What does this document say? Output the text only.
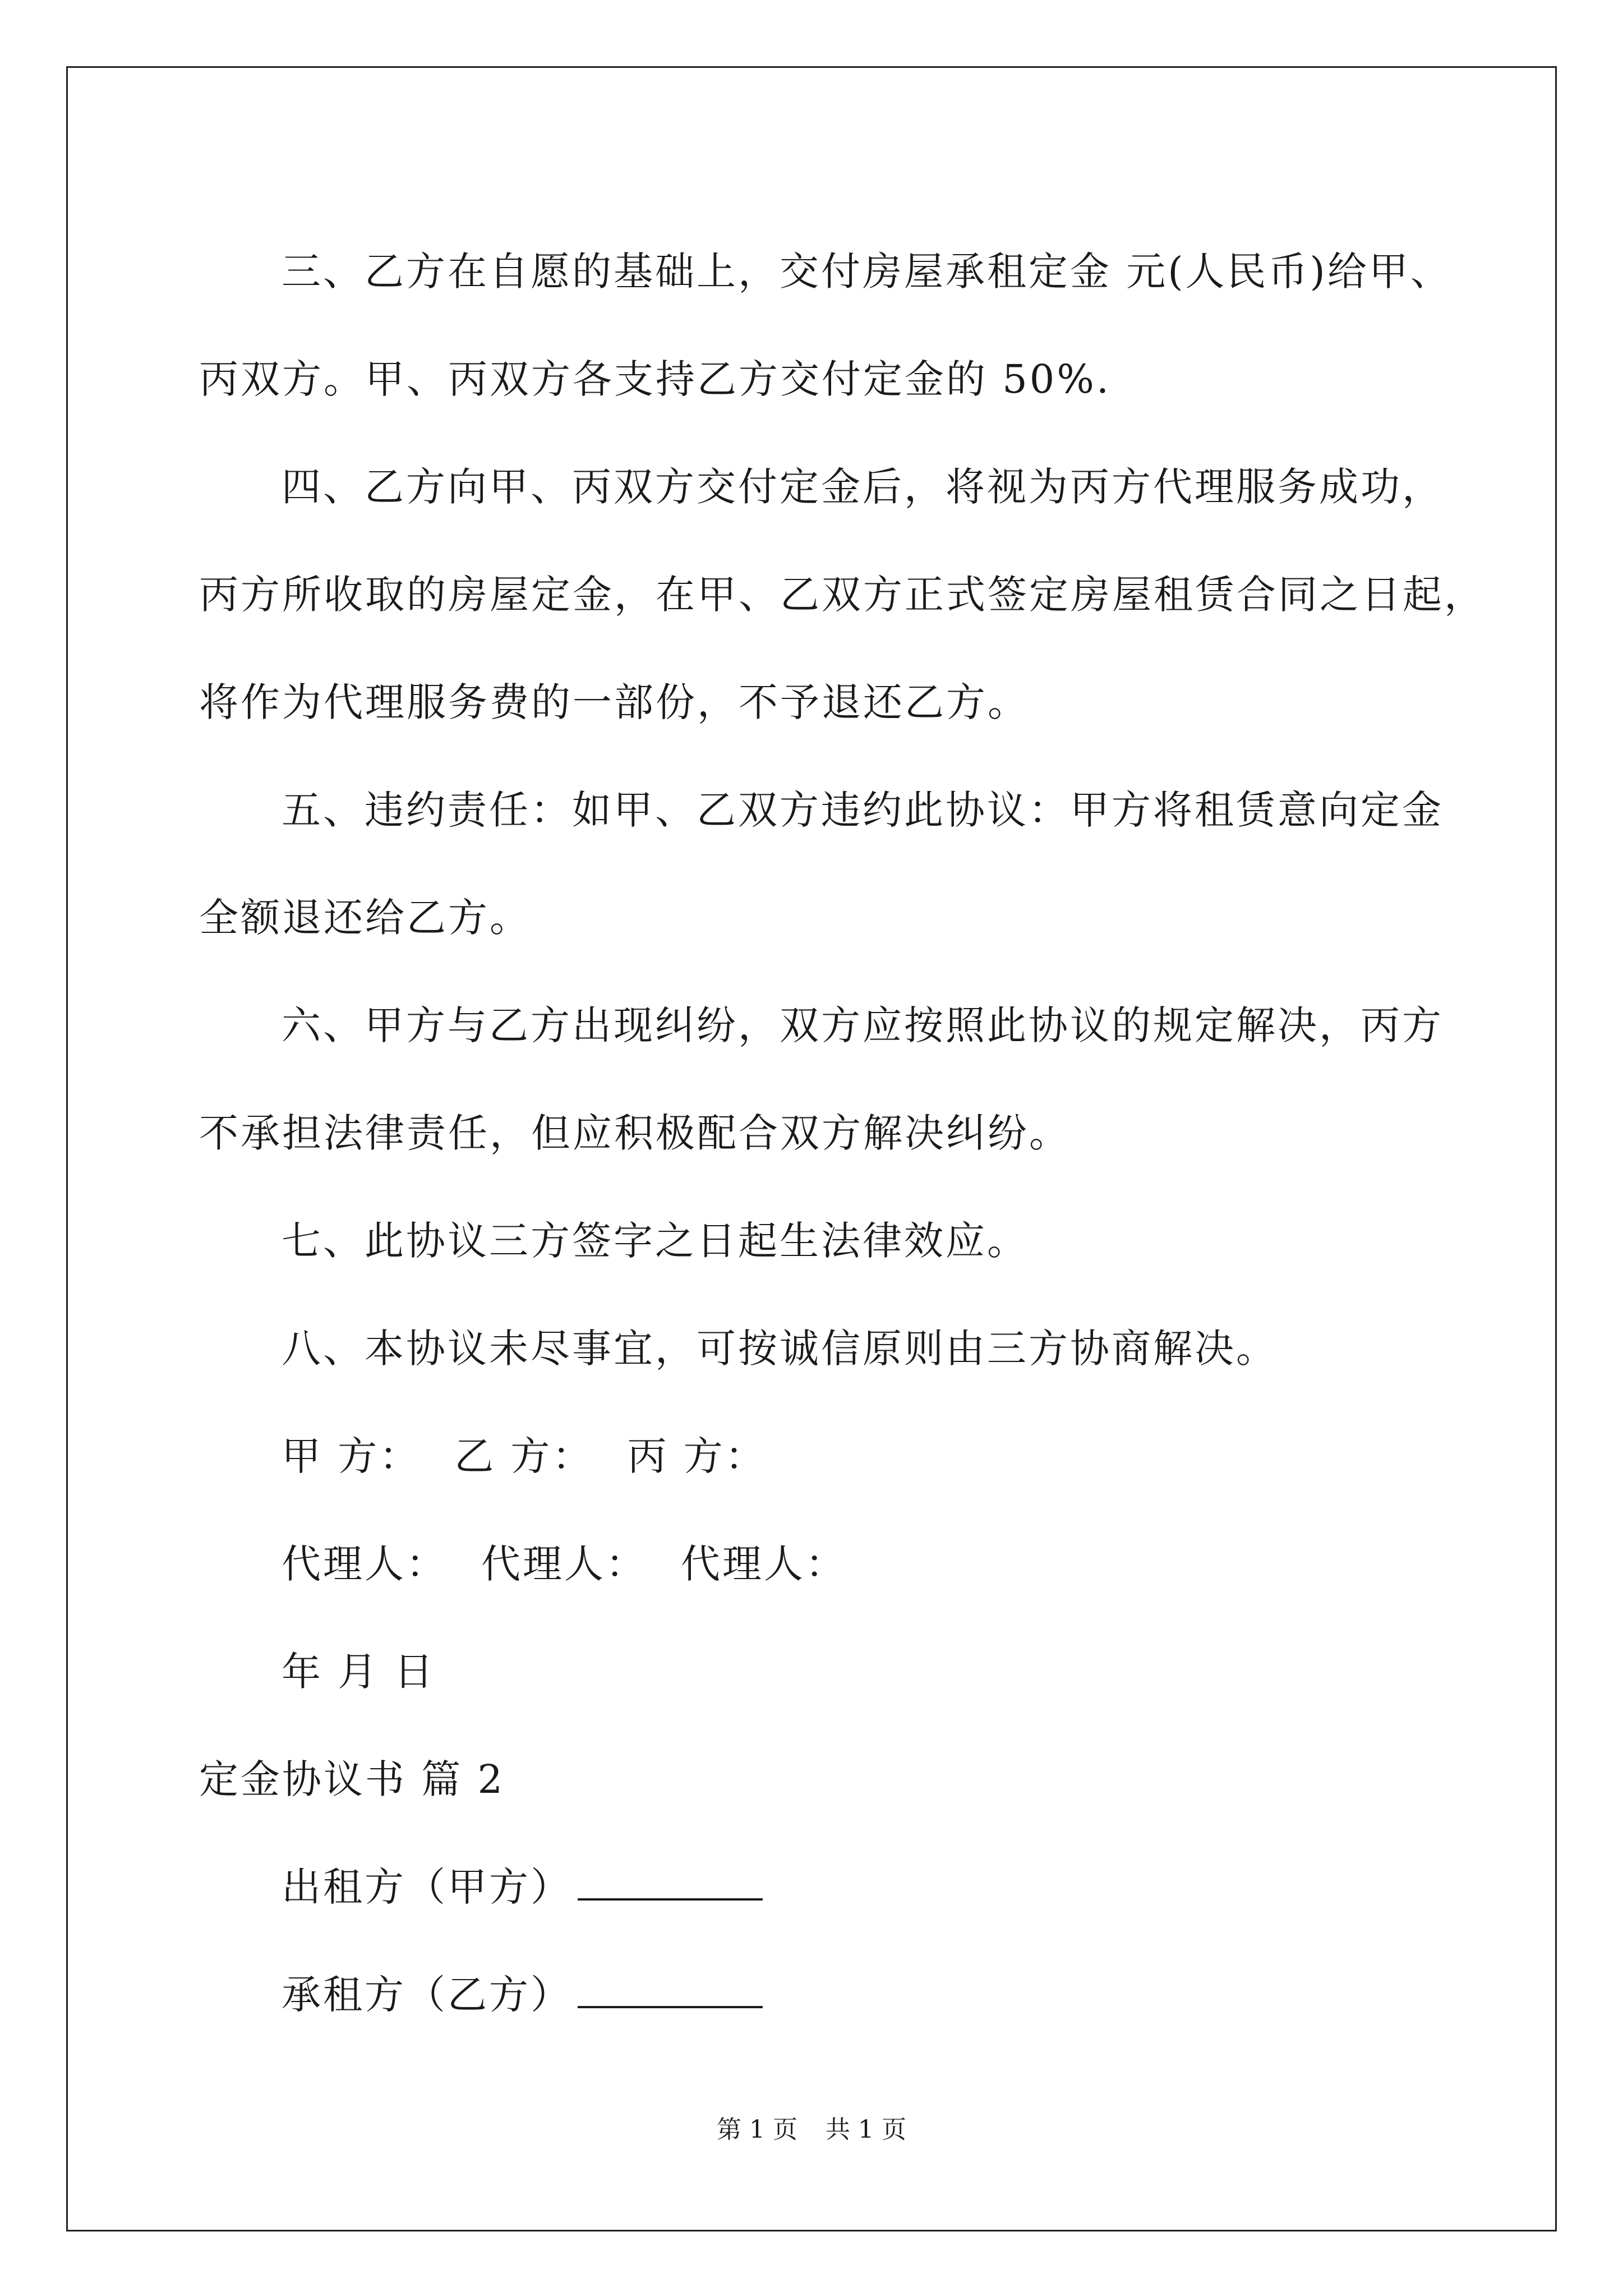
三、乙方在自愿的基础上，交付房屋承租定金 元(人民币)给甲、

丙双方。甲、丙双方各支持乙方交付定金的 50%.

四、乙方向甲、丙双方交付定金后，将视为丙方代理服务成功，

丙方所收取的房屋定金，在甲、乙双方正式签定房屋租赁合同之日起，

将作为代理服务费的一部份，不予退还乙方。

五、违约责任：如甲、乙双方违约此协议：甲方将租赁意向定金

全额退还给乙方。

六、甲方与乙方出现纠纷，双方应按照此协议的规定解决，丙方

不承担法律责任，但应积极配合双方解决纠纷。

七、此协议三方签字之日起生法律效应。

八、本协议未尽事宜，可按诚信原则由三方协商解决。

甲 方： 乙 方： 丙 方：

代理人： 代理人： 代理人：

年 月 日

定金协议书 篇 2

出租方（甲方）

承租方（乙方）

第 1 页 共 1 页
